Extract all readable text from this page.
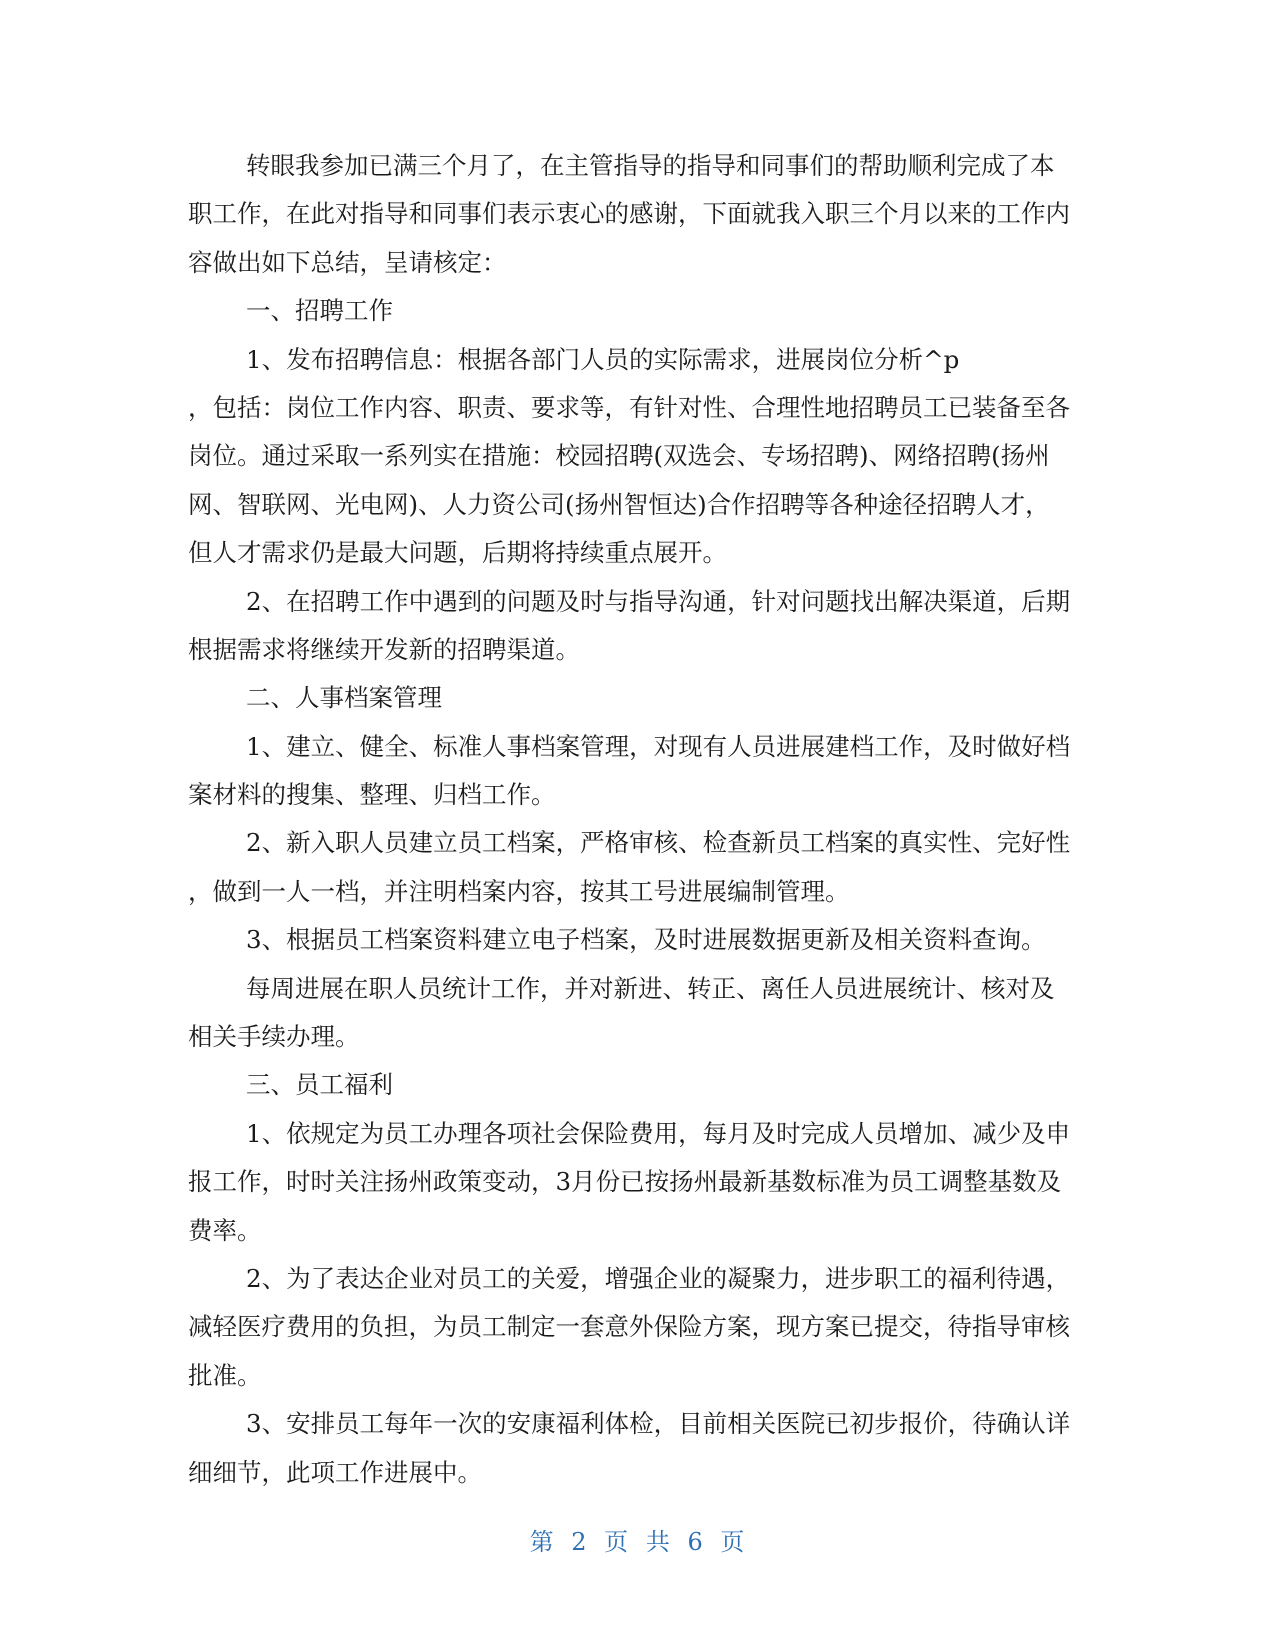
转眼我参加已满三个月了，在主管指导的指导和同事们的帮助顺利完成了本
职工作，在此对指导和同事们表示衷心的感谢，下面就我入职三个月以来的工作内
容做出如下总结，呈请核定：
一、招聘工作
1、发布招聘信息：根据各部门人员的实际需求，进展岗位分析^p
，包括：岗位工作内容、职责、要求等，有针对性、合理性地招聘员工已装备至各
岗位。通过采取一系列实在措施：校园招聘(双选会、专场招聘)、网络招聘(扬州
网、智联网、光电网)、人力资公司(扬州智恒达)合作招聘等各种途径招聘人才，
但人才需求仍是最大问题，后期将持续重点展开。
2、在招聘工作中遇到的问题及时与指导沟通，针对问题找出解决渠道，后期
根据需求将继续开发新的招聘渠道。
二、人事档案管理
1、建立、健全、标准人事档案管理，对现有人员进展建档工作，及时做好档
案材料的搜集、整理、归档工作。
2、新入职人员建立员工档案，严格审核、检查新员工档案的真实性、完好性
，做到一人一档，并注明档案内容，按其工号进展编制管理。
3、根据员工档案资料建立电子档案，及时进展数据更新及相关资料查询。
每周进展在职人员统计工作，并对新进、转正、离任人员进展统计、核对及
相关手续办理。
三、员工福利
1、依规定为员工办理各项社会保险费用，每月及时完成人员增加、减少及申
报工作，时时关注扬州政策变动，3月份已按扬州最新基数标准为员工调整基数及
费率。
2、为了表达企业对员工的关爱，增强企业的凝聚力，进步职工的福利待遇，
减轻医疗费用的负担，为员工制定一套意外保险方案，现方案已提交，待指导审核
批准。
3、安排员工每年一次的安康福利体检，目前相关医院已初步报价，待确认详
细细节，此项工作进展中。
第 2 页 共 6 页
